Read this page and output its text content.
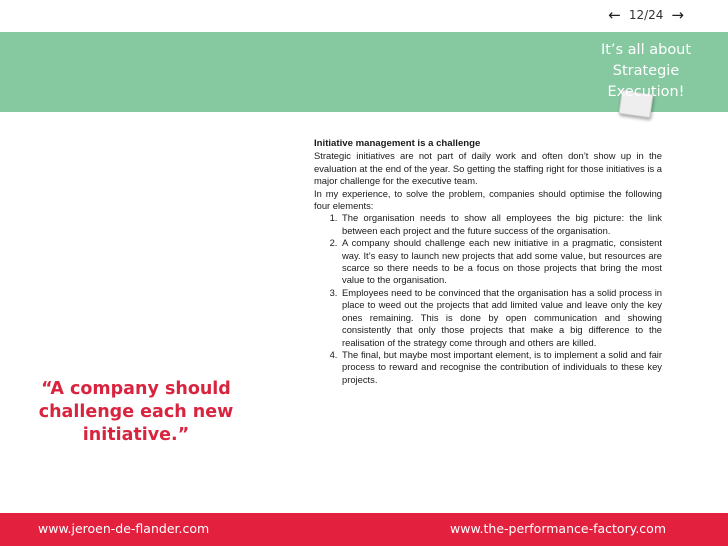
← 12/24 →
It’s all about
Strategie
Execution!
Initiative management is a challenge

Strategic initiatives are not part of daily work and often don’t show up in the evaluation at the end of the year. So getting the staffing right for those initiatives is a major challenge for the executive team.

In my experience, to solve the problem, companies should optimise the following four elements:

1. The organisation needs to show all employees the big picture: the link between each project and the future success of the organisation.
2. A company should challenge each new initiative in a pragmatic, consistent way. It’s easy to launch new projects that add some value, but resources are scarce so there needs to be a focus on those projects that bring the most value to the organisation.
3. Employees need to be convinced that the organisation has a solid process in place to weed out the projects that add limited value and leave only the key ones remaining. This is done by open communication and showing consistently that only those projects that make a big difference to the realisation of the strategy come through and others are killed.
4. The final, but maybe most important element, is to implement a solid and fair process to reward and recognise the contribution of individuals to these key projects.
“A company should challenge each new initiative.”
www.jeroen-de-flander.com	www.the-performance-factory.com
